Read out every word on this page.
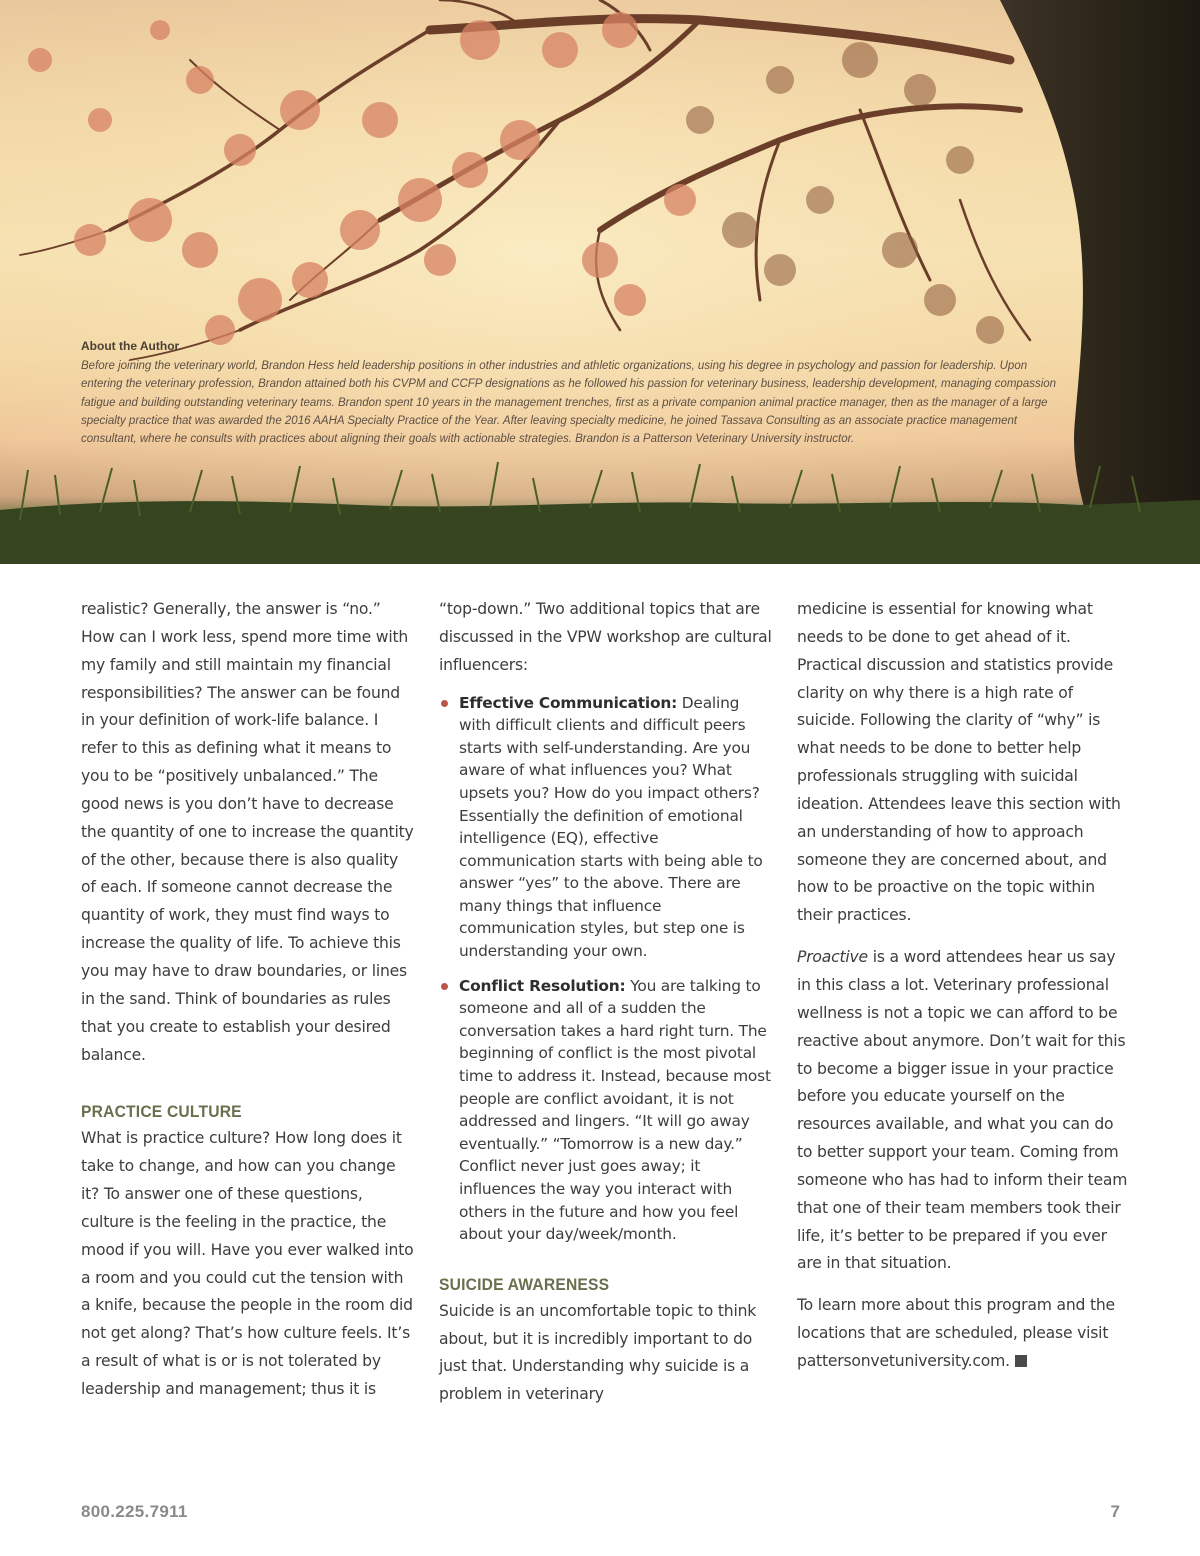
About the Author
Before joining the veterinary world, Brandon Hess held leadership positions in other industries and athletic organizations, using his degree in psychology and passion for leadership. Upon entering the veterinary profession, Brandon attained both his CVPM and CCFP designations as he followed his passion for veterinary business, leadership development, managing compassion fatigue and building outstanding veterinary teams. Brandon spent 10 years in the management trenches, first as a private companion animal practice manager, then as the manager of a large specialty practice that was awarded the 2016 AAHA Specialty Practice of the Year. After leaving specialty medicine, he joined Tassava Consulting as an associate practice management consultant, where he consults with practices about aligning their goals with actionable strategies. Brandon is a Patterson Veterinary University instructor.

realistic? Generally, the answer is “no.” How can I work less, spend more time with my family and still maintain my financial responsibilities? The answer can be found in your definition of work-life balance. I refer to this as defining what it means to you to be “positively unbalanced.” The good news is you don’t have to decrease the quantity of one to increase the quantity of the other, because there is also quality of each. If someone cannot decrease the quantity of work, they must find ways to increase the quality of life. To achieve this you may have to draw boundaries, or lines in the sand. Think of boundaries as rules that you create to establish your desired balance.

PRACTICE CULTURE

What is practice culture? How long does it take to change, and how can you change it? To answer one of these questions, culture is the feeling in the practice, the mood if you will. Have you ever walked into a room and you could cut the tension with a knife, because the people in the room did not get along? That’s how culture feels. It’s a result of what is or is not tolerated by leadership and management; thus it is

“top-down.” Two additional topics that are discussed in the VPW workshop are cultural influencers:

Effective Communication: Dealing with difficult clients and difficult peers starts with self-understanding. Are you aware of what influences you? What upsets you? How do you impact others? Essentially the definition of emotional intelligence (EQ), effective communication starts with being able to answer “yes” to the above. There are many things that influence communication styles, but step one is understanding your own.
Conflict Resolution: You are talking to someone and all of a sudden the conversation takes a hard right turn. The beginning of conflict is the most pivotal time to address it. Instead, because most people are conflict avoidant, it is not addressed and lingers. “It will go away eventually.” “Tomorrow is a new day.” Conflict never just goes away; it influences the way you interact with others in the future and how you feel about your day/week/month.
SUICIDE AWARENESS

Suicide is an uncomfortable topic to think about, but it is incredibly important to do just that. Understanding why suicide is a problem in veterinary

medicine is essential for knowing what needs to be done to get ahead of it. Practical discussion and statistics provide clarity on why there is a high rate of suicide. Following the clarity of “why” is what needs to be done to better help professionals struggling with suicidal ideation. Attendees leave this section with an understanding of how to approach someone they are concerned about, and how to be proactive on the topic within their practices.

Proactive is a word attendees hear us say in this class a lot. Veterinary professional wellness is not a topic we can afford to be reactive about anymore. Don’t wait for this to become a bigger issue in your practice before you educate yourself on the resources available, and what you can do to better support your team. Coming from someone who has had to inform their team that one of their team members took their life, it’s better to be prepared if you ever are in that situation.

To learn more about this program and the locations that are scheduled, please visit pattersonvetuniversity.com.

800.225.7911	7
